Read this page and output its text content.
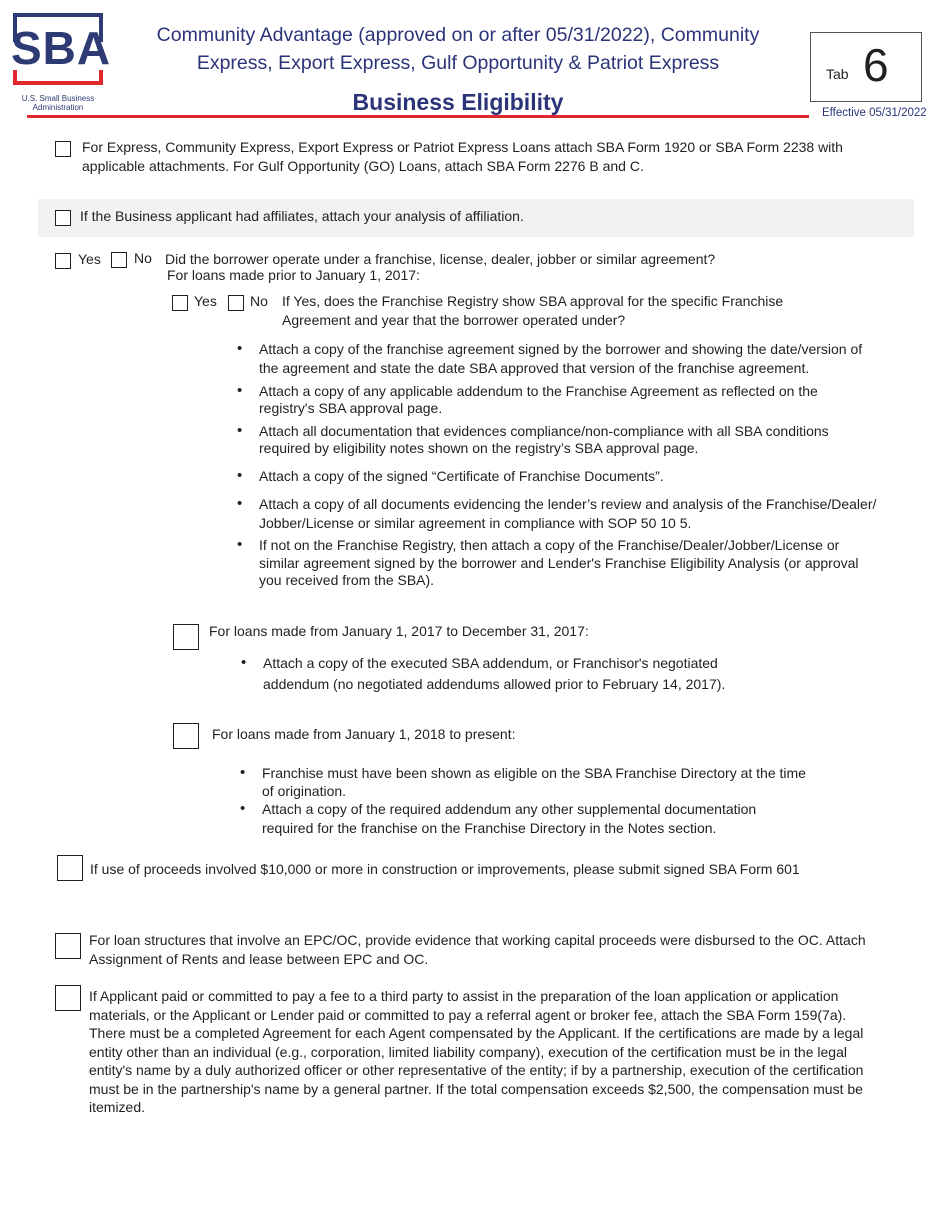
SBA
U.S. Small Business
Administration
Community Advantage (approved on or after 05/31/2022), Community
Express, Export Express, Gulf Opportunity & Patriot Express
Business Eligibility
Tab 6
Effective 05/31/2022
For Express, Community Express, Export Express or Patriot Express Loans attach SBA Form 1920 or SBA Form 2238 with
applicable attachments. For Gulf Opportunity (GO) Loans, attach SBA Form 2276 B and C.
If the Business applicant had affiliates, attach your analysis of affiliation.
Yes No Did the borrower operate under a franchise, license, dealer, jobber or similar agreement?
For loans made prior to January 1, 2017:
Yes No If Yes, does the Franchise Registry show SBA approval for the specific Franchise
Agreement and year that the borrower operated under?
• Attach a copy of the franchise agreement signed by the borrower and showing the date/version of
the agreement and state the date SBA approved that version of the franchise agreement.
• Attach a copy of any applicable addendum to the Franchise Agreement as reflected on the
registry's SBA approval page.
• Attach all documentation that evidences compliance/non-compliance with all SBA conditions
required by eligibility notes shown on the registry’s SBA approval page.
• Attach a copy of the signed “Certificate of Franchise Documents”.
• Attach a copy of all documents evidencing the lender’s review and analysis of the Franchise/Dealer/
Jobber/License or similar agreement in compliance with SOP 50 10 5.
• If not on the Franchise Registry, then attach a copy of the Franchise/Dealer/Jobber/License or
similar agreement signed by the borrower and Lender's Franchise Eligibility Analysis (or approval
you received from the SBA).
For loans made from January 1, 2017 to December 31, 2017:
• Attach a copy of the executed SBA addendum, or Franchisor's negotiated
addendum (no negotiated addendums allowed prior to February 14, 2017).
For loans made from January 1, 2018 to present:
• Franchise must have been shown as eligible on the SBA Franchise Directory at the time
of origination.
• Attach a copy of the required addendum any other supplemental documentation
required for the franchise on the Franchise Directory in the Notes section.
If use of proceeds involved $10,000 or more in construction or improvements, please submit signed SBA Form 601
For loan structures that involve an EPC/OC, provide evidence that working capital proceeds were disbursed to the OC. Attach
Assignment of Rents and lease between EPC and OC.
If Applicant paid or committed to pay a fee to a third party to assist in the preparation of the loan application or application
materials, or the Applicant or Lender paid or committed to pay a referral agent or broker fee, attach the SBA Form 159(7a).
There must be a completed Agreement for each Agent compensated by the Applicant. If the certifications are made by a legal
entity other than an individual (e.g., corporation, limited liability company), execution of the certification must be in the legal
entity's name by a duly authorized officer or other representative of the entity; if by a partnership, execution of the certification
must be in the partnership's name by a general partner. If the total compensation exceeds $2,500, the compensation must be
itemized.
